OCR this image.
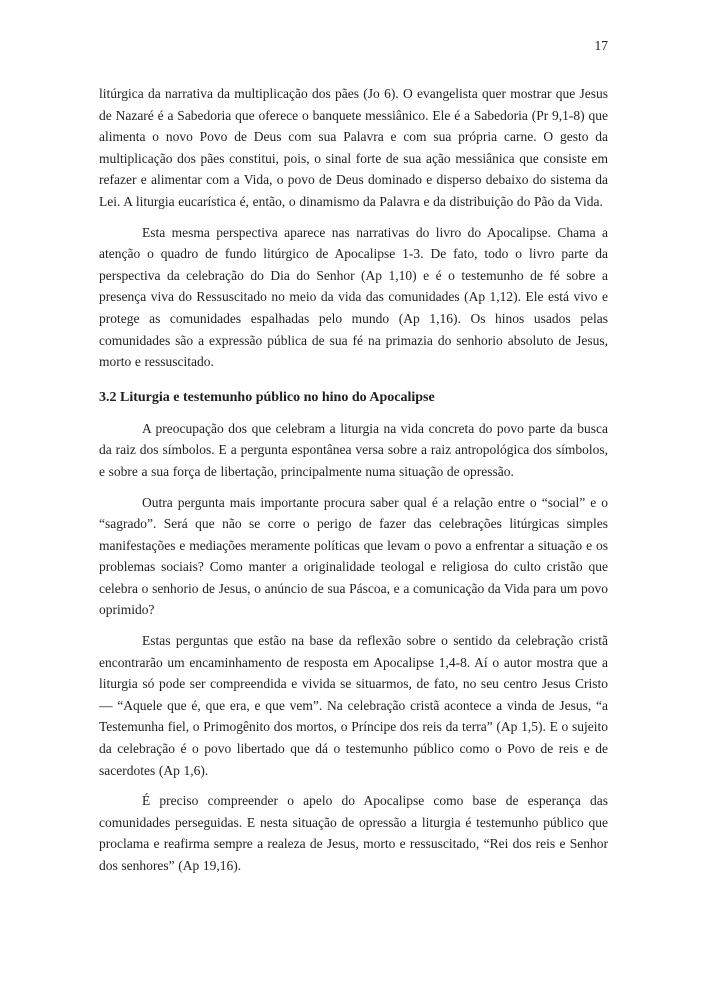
17

litúrgica da narrativa da multiplicação dos pães (Jo 6). O evangelista quer mostrar que Jesus de Nazaré é a Sabedoria que oferece o banquete messiânico. Ele é a Sabedoria (Pr 9,1-8) que alimenta o novo Povo de Deus com sua Palavra e com sua própria carne. O gesto da multiplicação dos pães constitui, pois, o sinal forte de sua ação messiânica que consiste em refazer e alimentar com a Vida, o povo de Deus dominado e disperso debaixo do sistema da Lei. A liturgia eucarística é, então, o dinamismo da Palavra e da distribuição do Pão da Vida.

Esta mesma perspectiva aparece nas narrativas do livro do Apocalipse. Chama a atenção o quadro de fundo litúrgico de Apocalipse 1-3. De fato, todo o livro parte da perspectiva da celebração do Dia do Senhor (Ap 1,10) e é o testemunho de fé sobre a presença viva do Ressuscitado no meio da vida das comunidades (Ap 1,12). Ele está vivo e protege as comunidades espalhadas pelo mundo (Ap 1,16). Os hinos usados pelas comunidades são a expressão pública de sua fé na primazia do senhorio absoluto de Jesus, morto e ressuscitado.

3.2 Liturgia e testemunho público no hino do Apocalipse

A preocupação dos que celebram a liturgia na vida concreta do povo parte da busca da raiz dos símbolos. E a pergunta espontânea versa sobre a raiz antropológica dos símbolos, e sobre a sua força de libertação, principalmente numa situação de opressão.

Outra pergunta mais importante procura saber qual é a relação entre o “social” e o “sagrado”. Será que não se corre o perigo de fazer das celebrações litúrgicas simples manifestações e mediações meramente políticas que levam o povo a enfrentar a situação e os problemas sociais? Como manter a originalidade teologal e religiosa do culto cristão que celebra o senhorio de Jesus, o anúncio de sua Páscoa, e a comunicação da Vida para um povo oprimido?

Estas perguntas que estão na base da reflexão sobre o sentido da celebração cristã encontrarão um encaminhamento de resposta em Apocalipse 1,4-8. Aí o autor mostra que a liturgia só pode ser compreendida e vivida se situarmos, de fato, no seu centro Jesus Cristo — “Aquele que é, que era, e que vem”. Na celebração cristã acontece a vinda de Jesus, “a Testemunha fiel, o Primogênito dos mortos, o Príncipe dos reis da terra” (Ap 1,5). E o sujeito da celebração é o povo libertado que dá o testemunho público como o Povo de reis e de sacerdotes (Ap 1,6).

É preciso compreender o apelo do Apocalipse como base de esperança das comunidades perseguidas. E nesta situação de opressão a liturgia é testemunho público que proclama e reafirma sempre a realeza de Jesus, morto e ressuscitado, “Rei dos reis e Senhor dos senhores” (Ap 19,16).
